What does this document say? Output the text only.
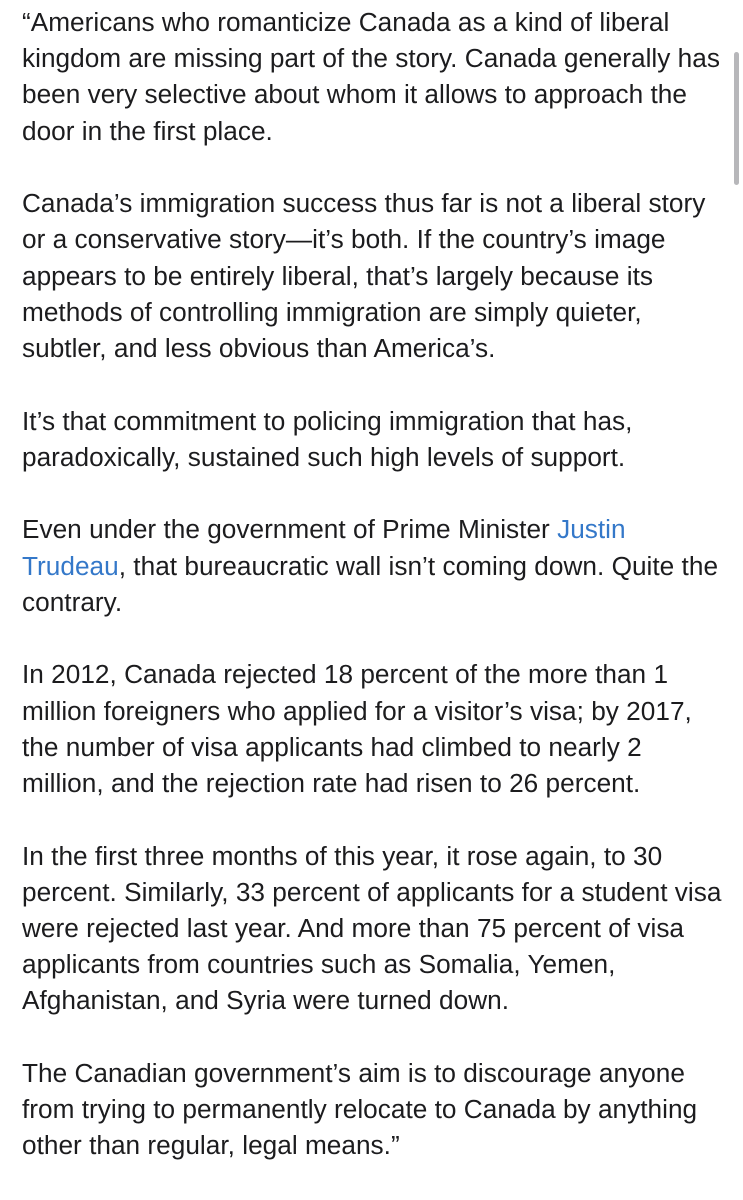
“Americans who romanticize Canada as a kind of liberal kingdom are missing part of the story. Canada generally has been very selective about whom it allows to approach the door in the first place.

Canada’s immigration success thus far is not a liberal story or a conservative story—it’s both. If the country’s image appears to be entirely liberal, that’s largely because its methods of controlling immigration are simply quieter, subtler, and less obvious than America’s.

It’s that commitment to policing immigration that has, paradoxically, sustained such high levels of support.

Even under the government of Prime Minister Justin Trudeau, that bureaucratic wall isn’t coming down. Quite the contrary.

In 2012, Canada rejected 18 percent of the more than 1 million foreigners who applied for a visitor’s visa; by 2017, the number of visa applicants had climbed to nearly 2 million, and the rejection rate had risen to 26 percent.

In the first three months of this year, it rose again, to 30 percent. Similarly, 33 percent of applicants for a student visa were rejected last year. And more than 75 percent of visa applicants from countries such as Somalia, Yemen, Afghanistan, and Syria were turned down.

The Canadian government’s aim is to discourage anyone from trying to permanently relocate to Canada by anything other than regular, legal means.”
